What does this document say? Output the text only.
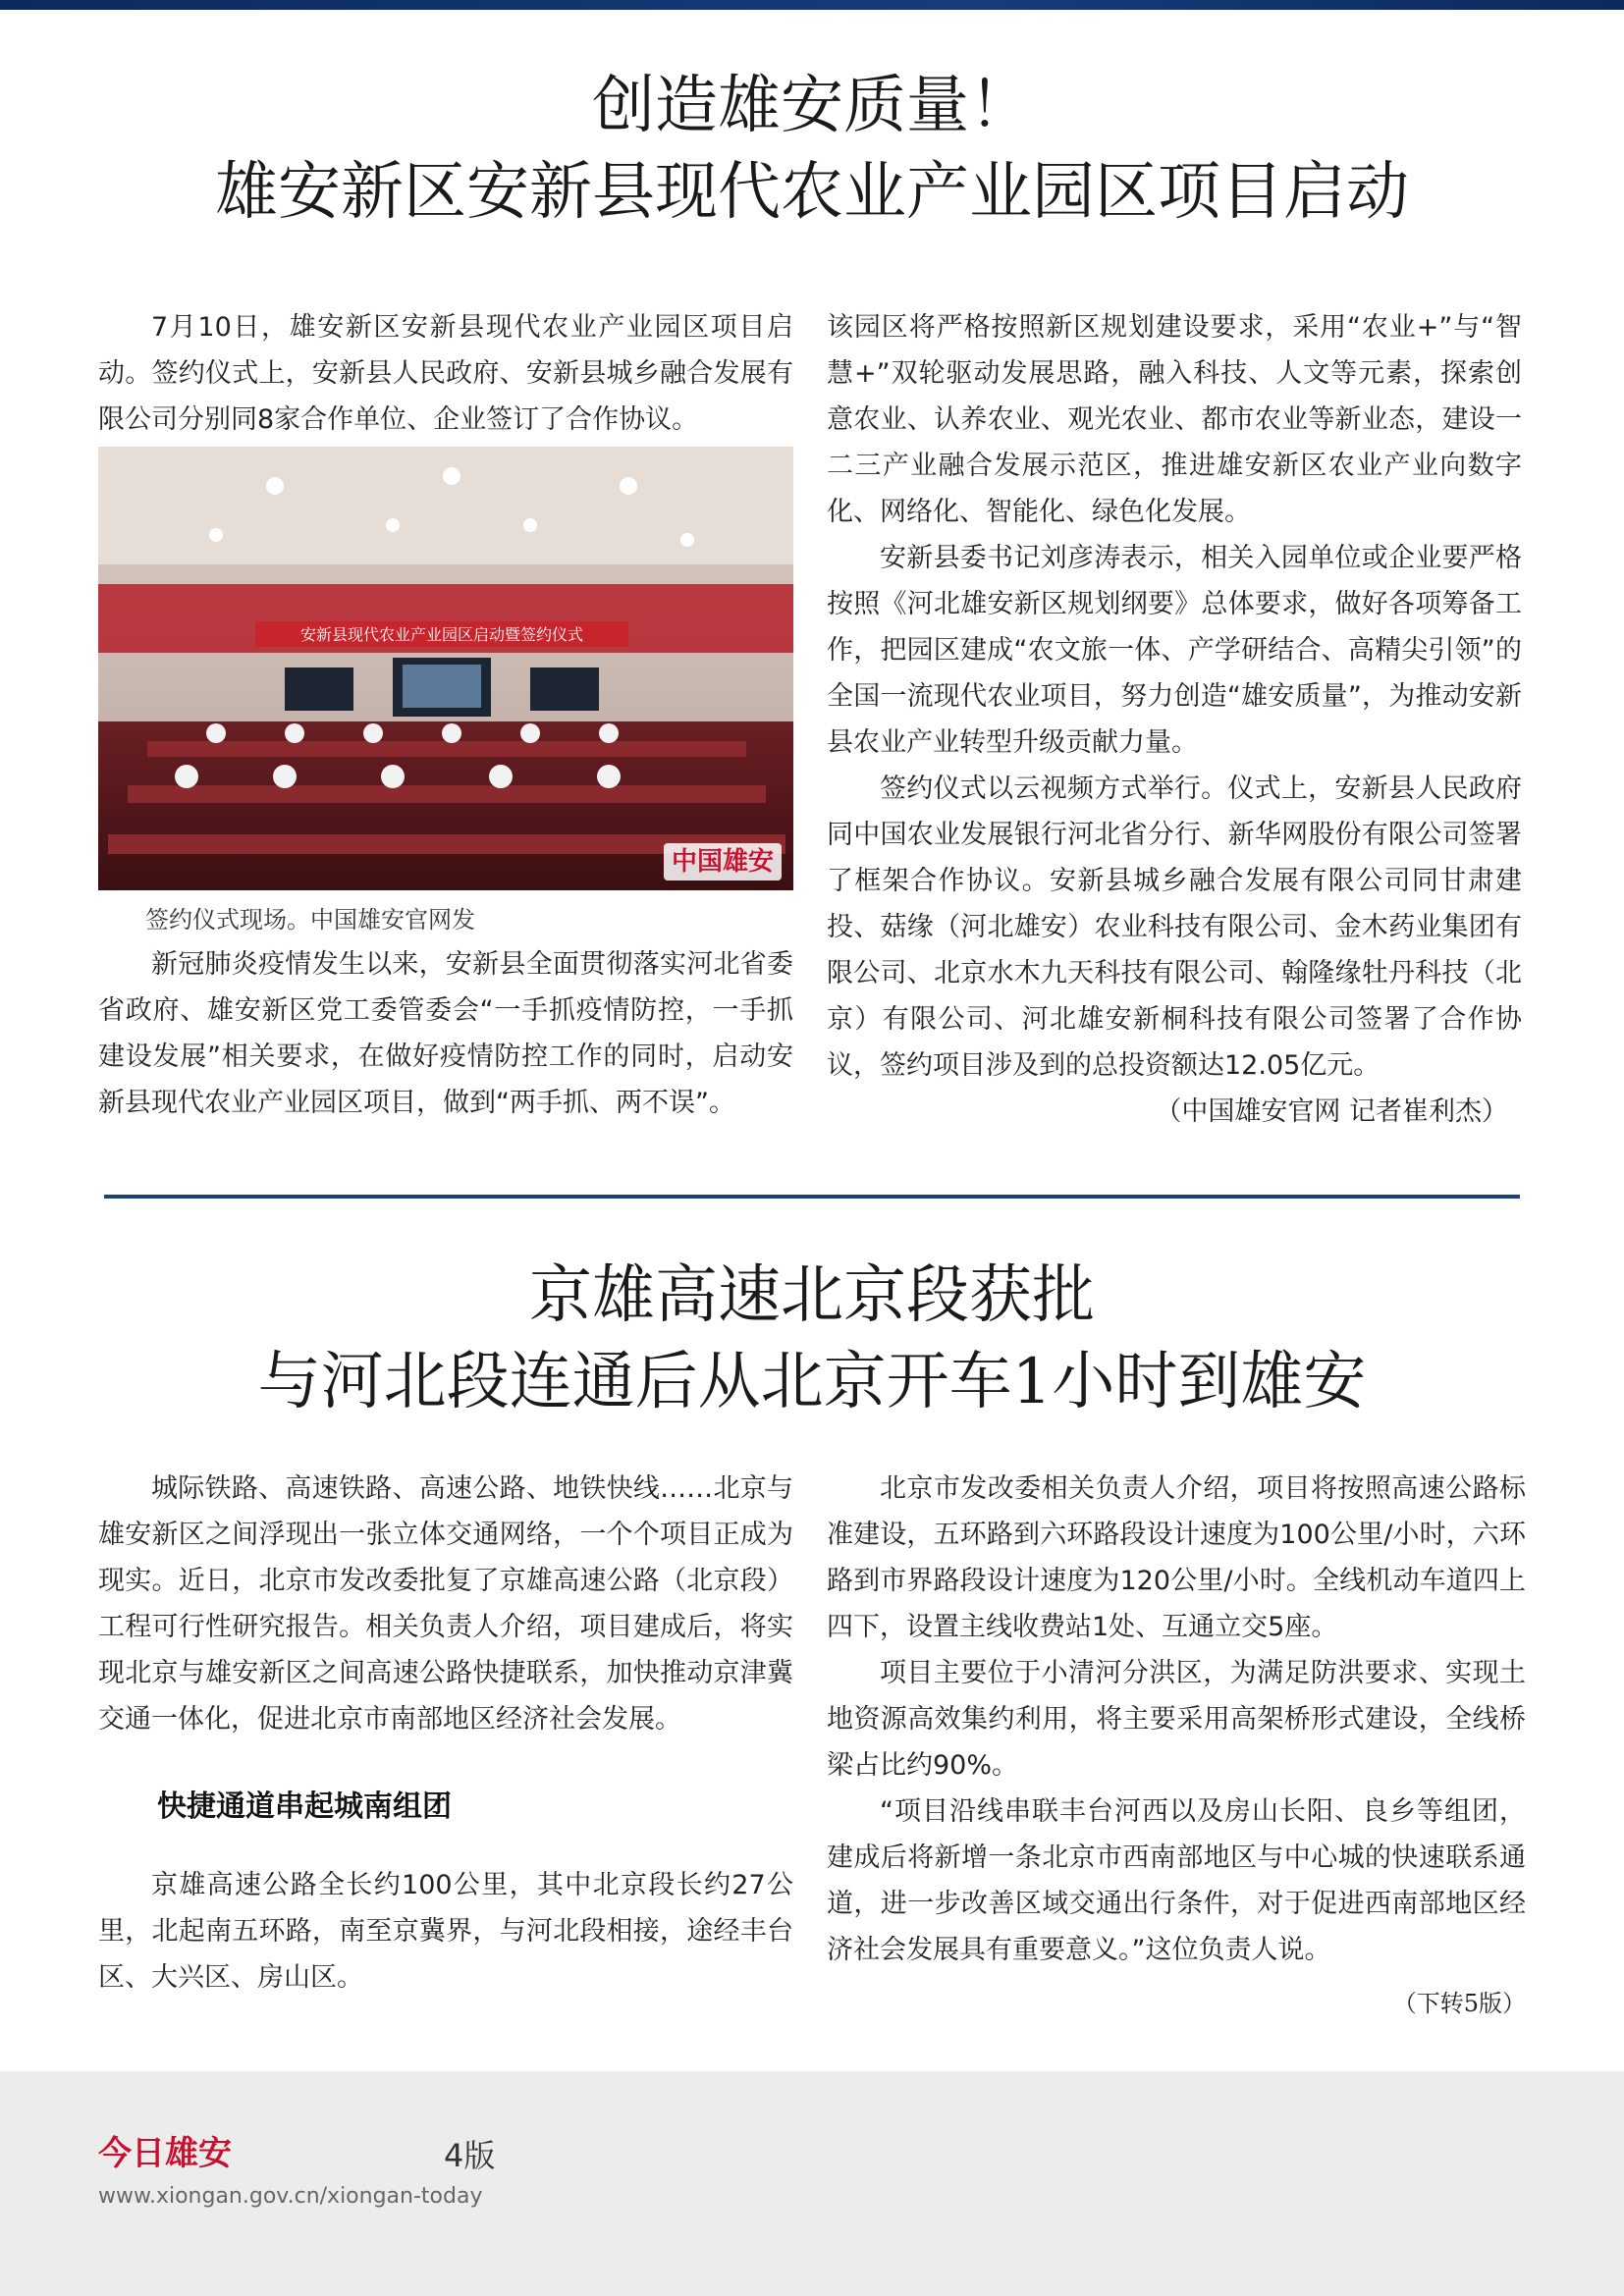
创造雄安质量！
雄安新区安新县现代农业产业园区项目启动

7月10日，雄安新区安新县现代农业产业园区项目启动。签约仪式上，安新县人民政府、安新县城乡融合发展有限公司分别同8家合作单位、企业签订了合作协议。

安新县现代农业产业园区启动暨签约仪式
中国雄安

签约仪式现场。中国雄安官网发

新冠肺炎疫情发生以来，安新县全面贯彻落实河北省委省政府、雄安新区党工委管委会“一手抓疫情防控，一手抓建设发展”相关要求，在做好疫情防控工作的同时，启动安新县现代农业产业园区项目，做到“两手抓、两不误”。

该园区将严格按照新区规划建设要求，采用“农业+”与“智慧+”双轮驱动发展思路，融入科技、人文等元素，探索创意农业、认养农业、观光农业、都市农业等新业态，建设一二三产业融合发展示范区，推进雄安新区农业产业向数字化、网络化、智能化、绿色化发展。

安新县委书记刘彦涛表示，相关入园单位或企业要严格按照《河北雄安新区规划纲要》总体要求，做好各项筹备工作，把园区建成“农文旅一体、产学研结合、高精尖引领”的全国一流现代农业项目，努力创造“雄安质量”，为推动安新县农业产业转型升级贡献力量。

签约仪式以云视频方式举行。仪式上，安新县人民政府同中国农业发展银行河北省分行、新华网股份有限公司签署了框架合作协议。安新县城乡融合发展有限公司同甘肃建投、菇缘（河北雄安）农业科技有限公司、金木药业集团有限公司、北京水木九天科技有限公司、翰隆缘牡丹科技（北京）有限公司、河北雄安新桐科技有限公司签署了合作协议，签约项目涉及到的总投资额达12.05亿元。

（中国雄安官网 记者崔利杰）

京雄高速北京段获批
与河北段连通后从北京开车1小时到雄安

城际铁路、高速铁路、高速公路、地铁快线……北京与雄安新区之间浮现出一张立体交通网络，一个个项目正成为现实。近日，北京市发改委批复了京雄高速公路（北京段）工程可行性研究报告。相关负责人介绍，项目建成后，将实现北京与雄安新区之间高速公路快捷联系，加快推动京津冀交通一体化，促进北京市南部地区经济社会发展。

快捷通道串起城南组团

京雄高速公路全长约100公里，其中北京段长约27公里，北起南五环路，南至京冀界，与河北段相接，途经丰台区、大兴区、房山区。

北京市发改委相关负责人介绍，项目将按照高速公路标准建设，五环路到六环路段设计速度为100公里/小时，六环路到市界路段设计速度为120公里/小时。全线机动车道四上四下，设置主线收费站1处、互通立交5座。

项目主要位于小清河分洪区，为满足防洪要求、实现土地资源高效集约利用，将主要采用高架桥形式建设，全线桥梁占比约90%。

“项目沿线串联丰台河西以及房山长阳、良乡等组团，建成后将新增一条北京市西南部地区与中心城的快速联系通道，进一步改善区域交通出行条件，对于促进西南部地区经济社会发展具有重要意义。”这位负责人说。

（下转5版）

今日雄安	4版
www.xiongan.gov.cn/xiongan-today
